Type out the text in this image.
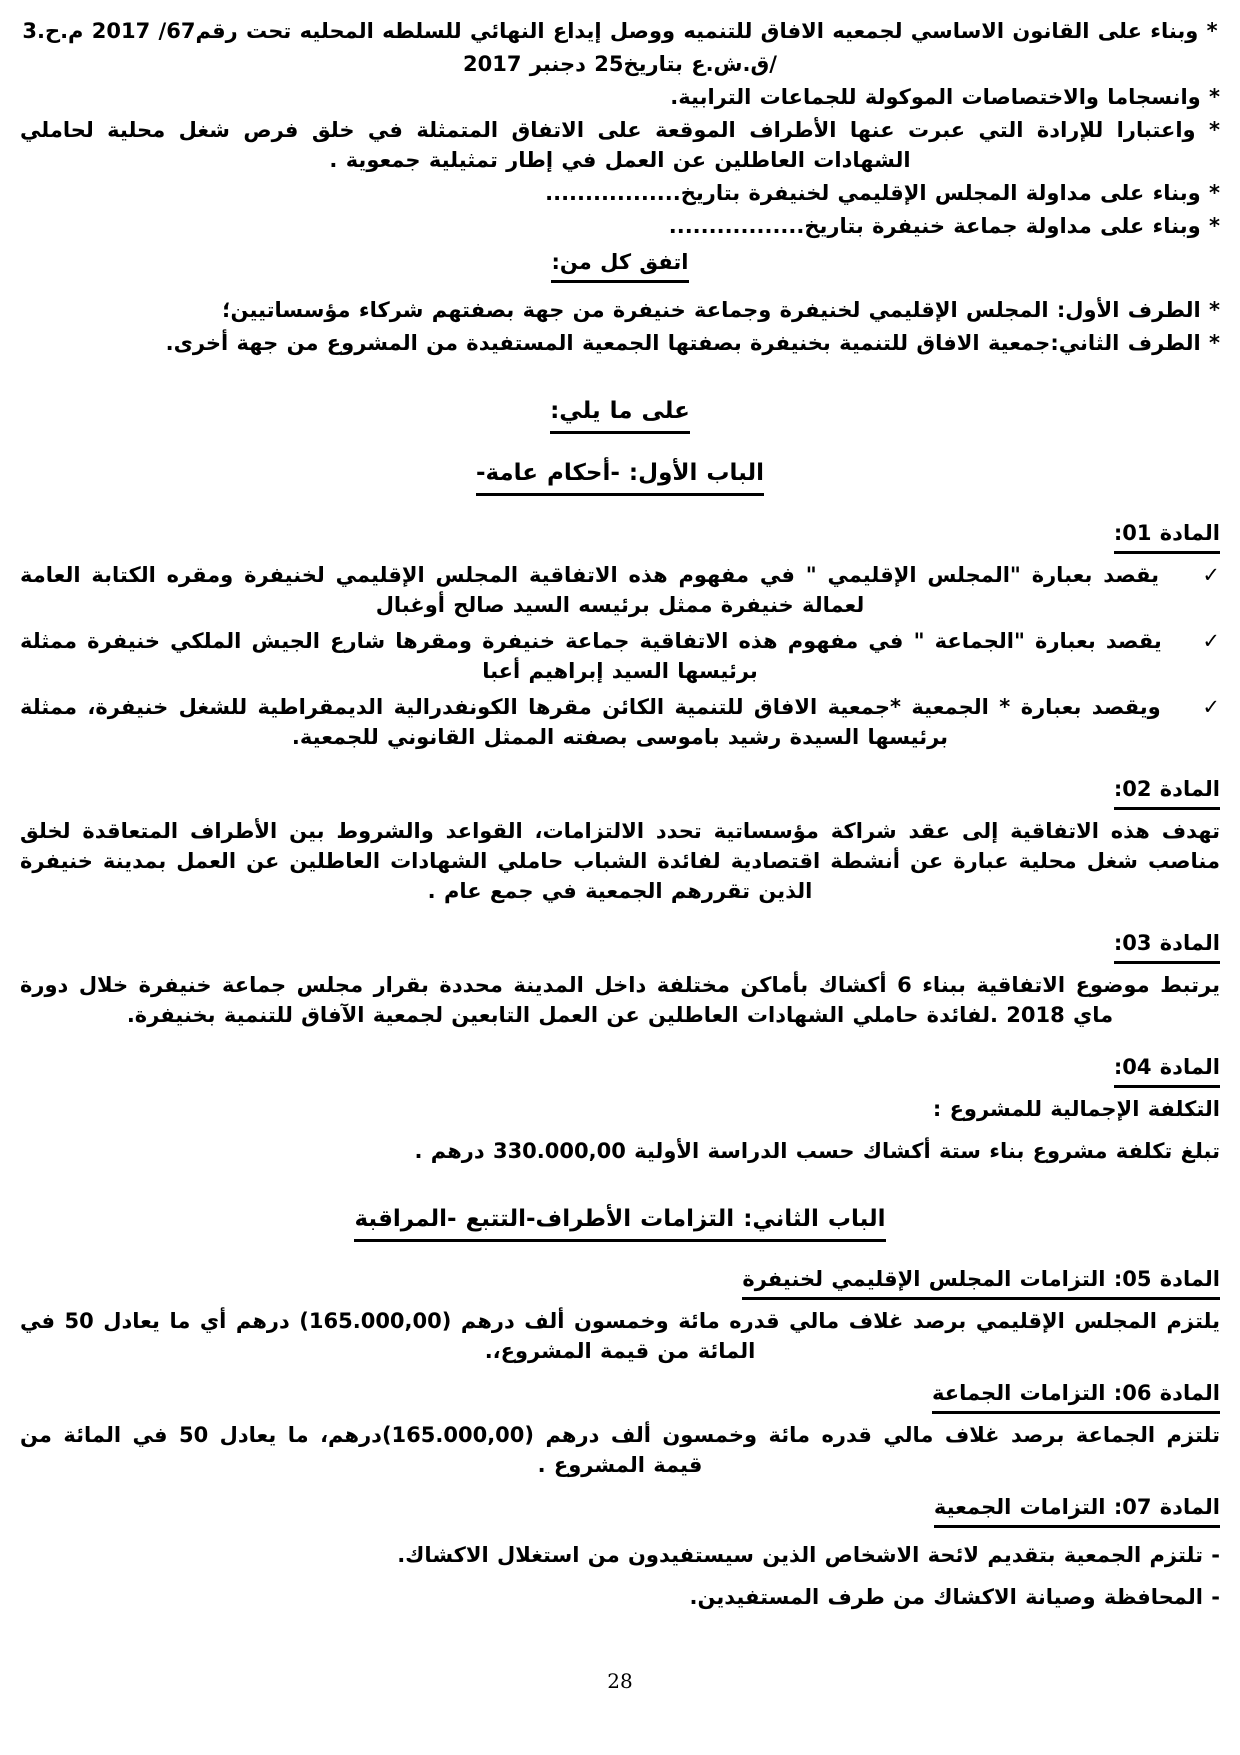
* وبناء على القانون الاساسي لجمعيه الافاق للتنميه ووصل إيداع النهائي للسلطه المحليه تحت رقم67/ 2017 م.ح.3
/ق.ش.ع بتاريخ25 دجنبر 2017
* وانسجاما والاختصاصات الموكولة للجماعات الترابية.
* واعتبارا للإرادة التي عبرت عنها الأطراف الموقعة على الاتفاق المتمثلة في خلق فرص شغل محلية لحاملي الشهادات العاطلين عن العمل في إطار تمثيلية جمعوية .
* وبناء على مداولة المجلس الإقليمي لخنيفرة بتاريخ.................
* وبناء على مداولة جماعة خنيفرة بتاريخ.................
اتفق كل من:
* الطرف الأول: المجلس الإقليمي لخنيفرة وجماعة خنيفرة من جهة بصفتهم شركاء مؤسساتيين؛
* الطرف الثاني:جمعية الافاق للتنمية بخنيفرة بصفتها الجمعية المستفيدة من المشروع من جهة أخرى.
على ما يلي:
الباب الأول: -أحكام عامة-
المادة 01:
✓    يقصد بعبارة "المجلس الإقليمي " في مفهوم هذه الاتفاقية المجلس الإقليمي لخنيفرة ومقره الكتابة العامة لعمالة خنيفرة ممثل برئيسه السيد صالح أوغبال
✓    يقصد بعبارة "الجماعة " في مفهوم هذه الاتفاقية جماعة خنيفرة ومقرها شارع الجيش الملكي خنيفرة ممثلة برئيسها السيد إبراهيم أعبا
✓    ويقصد بعبارة * الجمعية *جمعية الافاق للتنمية الكائن مقرها الكونفدرالية الديمقراطية للشغل خنيفرة، ممثلة برئيسها السيدة رشيد باموسى بصفته الممثل القانوني للجمعية.
المادة 02:
تهدف هذه الاتفاقية إلى عقد شراكة مؤسساتية تحدد الالتزامات، القواعد والشروط بين الأطراف المتعاقدة لخلق مناصب شغل محلية عبارة عن أنشطة اقتصادية لفائدة الشباب حاملي الشهادات العاطلين عن العمل بمدينة خنيفرة الذين تقررهم الجمعية في جمع عام .
المادة 03:
يرتبط موضوع الاتفاقية ببناء 6 أكشاك بأماكن مختلفة داخل المدينة محددة بقرار مجلس جماعة خنيفرة خلال دورة ماي 2018 .لفائدة حاملي الشهادات العاطلين عن العمل التابعين لجمعية الآفاق للتنمية بخنيفرة.
المادة 04:
التكلفة الإجمالية للمشروع :
تبلغ تكلفة مشروع بناء ستة أكشاك حسب الدراسة الأولية 330.000,00 درهم .
الباب الثاني: التزامات الأطراف-التتبع -المراقبة
المادة 05: التزامات المجلس الإقليمي لخنيفرة
يلتزم المجلس الإقليمي برصد غلاف مالي قدره مائة وخمسون ألف درهم (165.000,00) درهم أي ما يعادل 50 في المائة من قيمة المشروع،.
المادة 06: التزامات الجماعة
تلتزم الجماعة برصد غلاف مالي قدره مائة وخمسون ألف درهم (165.000,00)درهم، ما يعادل 50 في المائة من قيمة المشروع .
المادة 07: التزامات الجمعية
- تلتزم الجمعية بتقديم لائحة الاشخاص الذين سيستفيدون من استغلال الاكشاك.
- المحافظة وصيانة الاكشاك من طرف المستفيدين.
28
